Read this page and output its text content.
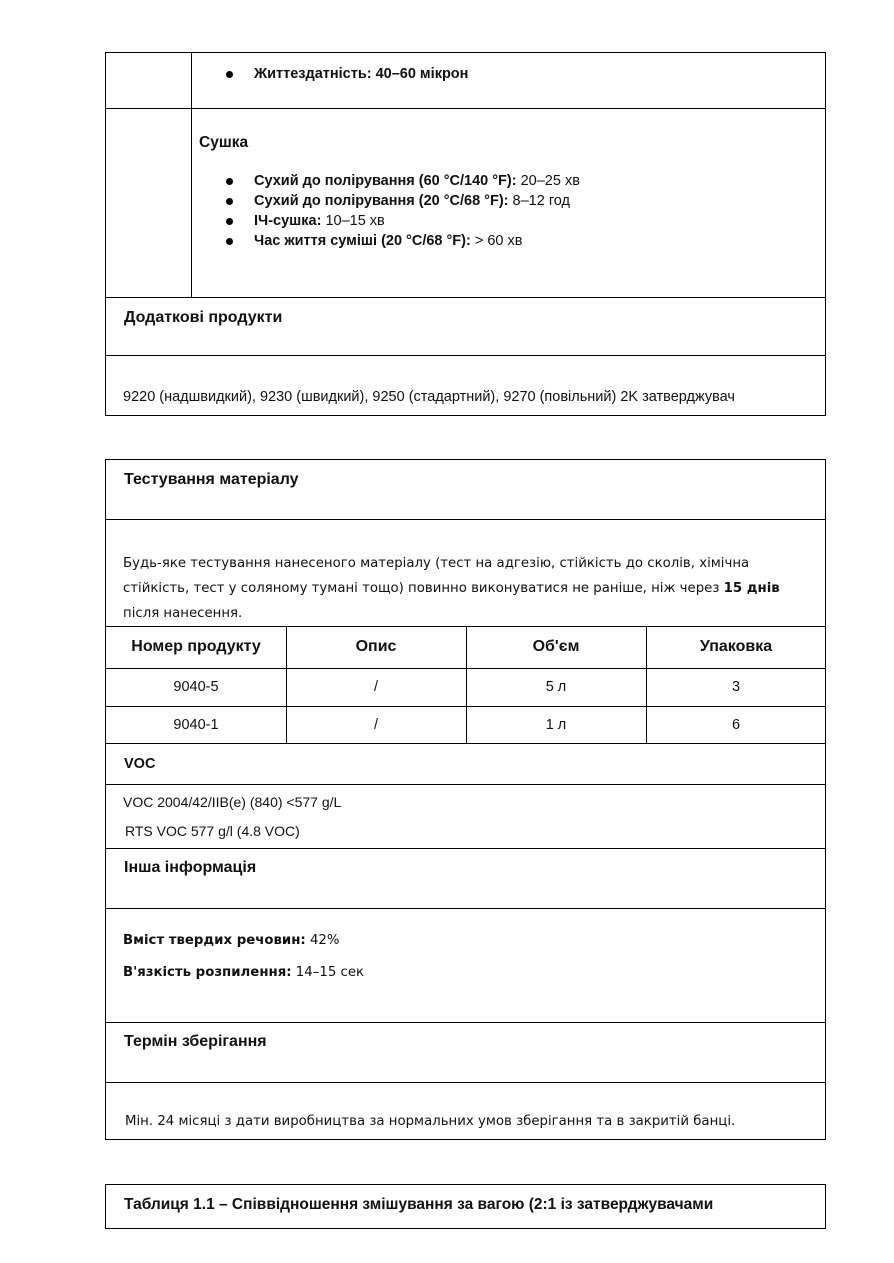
Життездатність: 40–60 мікрон
Сушка
Сухий до полірування (60 °C/140 °F): 20–25 хв
Сухий до полірування (20 °C/68 °F): 8–12 год
ІЧ-сушка: 10–15 хв
Час життя суміші (20 °C/68 °F): > 60 хв
Додаткові продукти
9220 (надшвидкий), 9230 (швидкий), 9250 (стадартний), 9270 (повільний) 2K затверджувач
Тестування матеріалу
Будь-яке тестування нанесеного матеріалу (тест на адгезію, стійкість до сколів, хімічна стійкість, тест у соляному тумані тощо) повинно виконуватися не раніше, ніж через 15 днів після нанесення.
Номер продукту	Опис	Об'єм	Упаковка
9040-5	/	5 л	3
9040-1	/	1 л	6
VOC
VOC 2004/42/IIB(e) (840) <577 g/L
RTS VOC 577 g/l (4.8 VOC)
Інша інформація
Вміст твердих речовин: 42%
В'язкість розпилення: 14–15 сек
Термін зберігання
Мін. 24 місяці з дати виробництва за нормальних умов зберігання та в закритій банці.
Таблиця 1.1 – Співвідношення змішування за вагою (2:1 із затверджувачами
